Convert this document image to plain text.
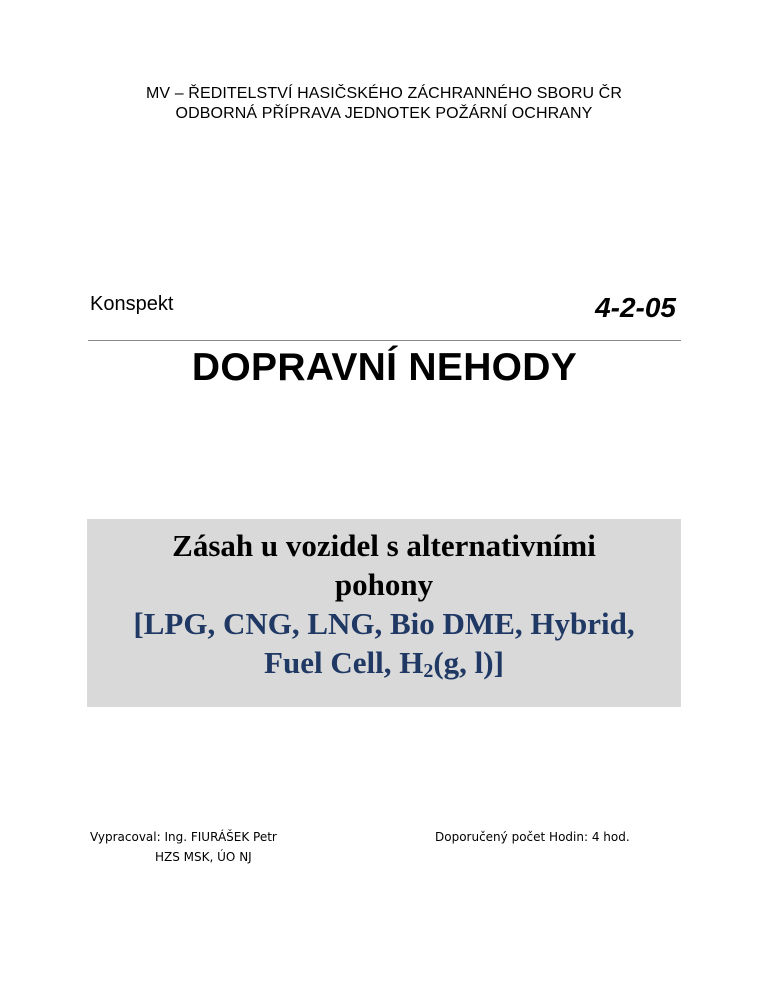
MV – ŘEDITELSTVÍ HASIČSKÉHO ZÁCHRANNÉHO SBORU ČR
ODBORNÁ PŘÍPRAVA JEDNOTEK POŽÁRNÍ OCHRANY
Konspekt	4-2-05
DOPRAVNÍ NEHODY
Zásah u vozidel s alternativními
pohony
[LPG, CNG, LNG, Bio DME, Hybrid,
Fuel Cell, $H_2(g$, l)]
Vypracoval: Ing. FIURÁŠEK Petr
HZS MSK, ÚO NJ
Doporučený počet Hodin: 4 hod.
